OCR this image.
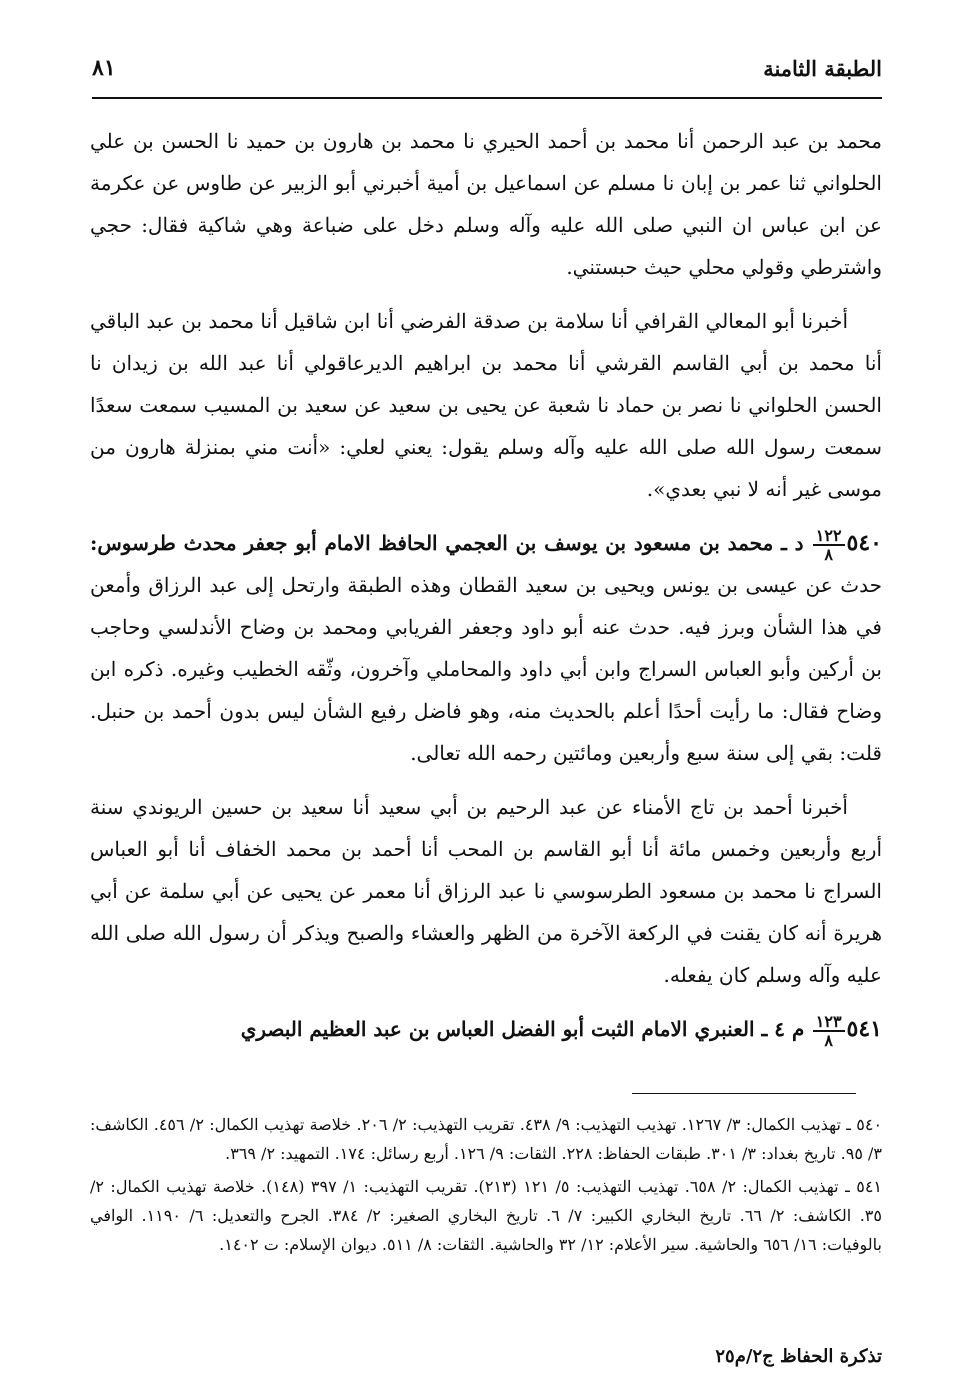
الطبقة الثامنة
٨١

محمد بن عبد الرحمن أنا محمد بن أحمد الحيري نا محمد بن هارون بن حميد نا الحسن بن علي الحلواني ثنا عمر بن إبان نا مسلم عن اسماعيل بن أمية أخبرني أبو الزبير عن طاوس عن عكرمة عن ابن عباس ان النبي صلى الله عليه وآله وسلم دخل على ضباعة وهي شاكية فقال: حجي واشترطي وقولي محلي حيث حبستني.

أخبرنا أبو المعالي القرافي أنا سلامة بن صدقة الفرضي أنا ابن شاقيل أنا محمد بن عبد الباقي أنا محمد بن أبي القاسم القرشي أنا محمد بن ابراهيم الديرعاقولي أنا عبد الله بن زيدان نا الحسن الحلواني نا نصر بن حماد نا شعبة عن يحيى بن سعيد عن سعيد بن المسيب سمعت سعدًا سمعت رسول الله صلى الله عليه وآله وسلم يقول: يعني لعلي: «أنت مني بمنزلة هارون من موسى غير أنه لا نبي بعدي».

٥٤٠
$\frac{١٢٢}{٨}$
د ـ محمد بن مسعود بن يوسف بن العجمي الحافظ الامام أبو جعفر محدث طرسوس: حدث عن عيسى بن يونس ويحيى بن سعيد القطان وهذه الطبقة وارتحل إلى عبد الرزاق وأمعن في هذا الشأن وبرز فيه. حدث عنه أبو داود وجعفر الفريابي ومحمد بن وضاح الأندلسي وحاجب بن أركين وأبو العباس السراج وابن أبي داود والمحاملي وآخرون، وثّقه الخطيب وغيره. ذكره ابن وضاح فقال: ما رأيت أحدًا أعلم بالحديث منه، وهو فاضل رفيع الشأن ليس بدون أحمد بن حنبل. قلت: بقي إلى سنة سبع وأربعين ومائتين رحمه الله تعالى.

أخبرنا أحمد بن تاج الأمناء عن عبد الرحيم بن أبي سعيد أنا سعيد بن حسين الريوندي سنة أربع وأربعين وخمس مائة أنا أبو القاسم بن المحب أنا أحمد بن محمد الخفاف أنا أبو العباس السراج نا محمد بن مسعود الطرسوسي نا عبد الرزاق أنا معمر عن يحيى عن أبي سلمة عن أبي هريرة أنه كان يقنت في الركعة الآخرة من الظهر والعشاء والصبح ويذكر أن رسول الله صلى الله عليه وآله وسلم كان يفعله.

٥٤١
$\frac{١٢٣}{٨}$
م ٤ ـ العنبري الامام الثبت أبو الفضل العباس بن عبد العظيم البصري

٥٤٠ ـ تهذيب الكمال: ٣/ ١٢٦٧. تهذيب التهذيب: ٩/ ٤٣٨. تقريب التهذيب: ٢/ ٢٠٦. خلاصة تهذيب الكمال: ٢/ ٤٥٦. الكاشف: ٣/ ٩٥. تاريخ بغداد: ٣/ ٣٠١. طبقات الحفاظ: ٢٢٨. الثقات: ٩/ ١٢٦. أربع رسائل: ١٧٤. التمهيد: ٢/ ٣٦٩.

٥٤١ ـ تهذيب الكمال: ٢/ ٦٥٨. تهذيب التهذيب: ٥/ ١٢١ (٢١٣). تقريب التهذيب: ١/ ٣٩٧ (١٤٨). خلاصة تهذيب الكمال: ٢/ ٣٥. الكاشف: ٢/ ٦٦. تاريخ البخاري الكبير: ٧/ ٦. تاريخ البخاري الصغير: ٢/ ٣٨٤. الجرح والتعديل: ٦/ ١١٩٠. الوافي بالوفيات: ١٦/ ٦٥٦ والحاشية. سير الأعلام: ١٢/ ٣٢ والحاشية. الثقات: ٨/ ٥١١. ديوان الإسلام: ت ١٤٠٢.

تذكرة الحفاظ ج٢/م٢٥
